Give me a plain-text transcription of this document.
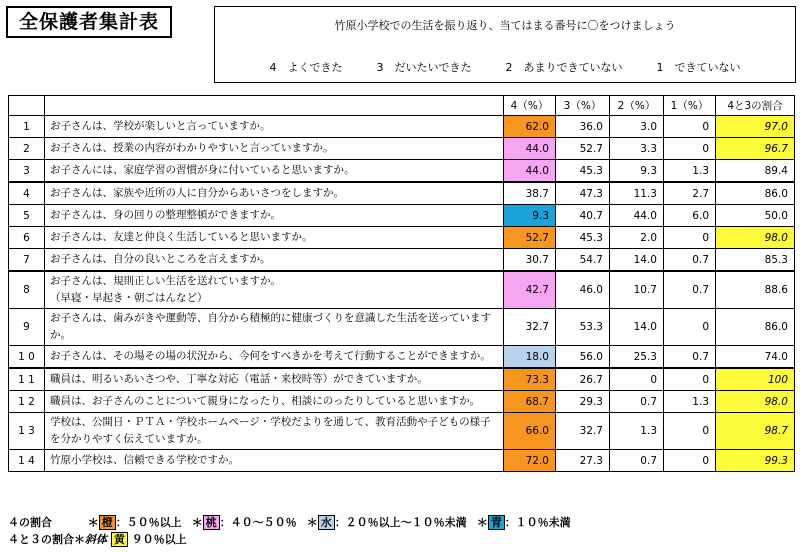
全保護者集計表	竹原小学校での生活を振り返り、当てはまる番号に〇をつけましょう
4　よくできた	3　だいたいできた	2　あまりできていない	1　できていない
		4（%）	3（%）	2（%）	1（%）	4と3の割合
1	お子さんは、学校が楽しいと言っていますか。	62.0	36.0	3.0	0	97.0
2	お子さんは、授業の内容がわかりやすいと言っていますか。	44.0	52.7	3.3	0	96.7
3	お子さんには、家庭学習の習慣が身に付いていると思いますか。	44.0	45.3	9.3	1.3	89.4
4	お子さんは、家族や近所の人に自分からあいさつをしますか。	38.7	47.3	11.3	2.7	86.0
5	お子さんは、身の回りの整理整頓ができますか。	9.3	40.7	44.0	6.0	50.0
6	お子さんは、友達と仲良く生活していると思いますか。	52.7	45.3	2.0	0	98.0
7	お子さんは、自分の良いところを言えますか。	30.7	54.7	14.0	0.7	85.3
8	お子さんは、規則正しい生活を送れていますか。
（早寝・早起き・朝ごはんなど）	42.7	46.0	10.7	0.7	88.6
9	お子さんは、歯みがきや運動等、自分から積極的に健康づくりを意識した生活を送っていますか。	32.7	53.3	14.0	0	86.0
1 0	お子さんは、その場その場の状況から、今何をすべきかを考えて行動することができますか。	18.0	56.0	25.3	0.7	74.0
1 1	職員は、明るいあいさつや、丁寧な対応（電話・来校時等）ができていますか。	73.3	26.7	0	0	100
1 2	職員は、お子さんのことについて親身になったり、相談にのったりしていると思いますか。	68.7	29.3	0.7	1.3	98.0
1 3	学校は、公開日・ＰＴＡ・学校ホームページ・学校だよりを通して、教育活動や子どもの様子を分かりやすく伝えていますか。	66.0	32.7	1.3	0	98.7
1 4	竹原小学校は、信頼できる学校ですか。	72.0	27.3	0.7	0	99.3
４の割合	＊ 橙 ：５０％以上 ＊ 桃 ：４０～５０％ ＊ 水 ：２０％以上～１０％未満 ＊ 青 ：１０％未満
４と３の割合＊斜体 黄 ９０％以上
